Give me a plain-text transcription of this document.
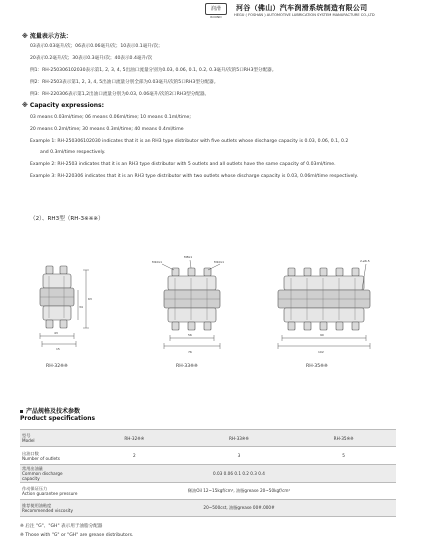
润滑
ROUND
河谷（佛山）汽车润滑系统制造有限公司
HEGU ( FOSHAN ) AUTOMOTIVE LUBRICATION SYSTEM MANUFACTURE CO.,LTD
※ 流量表示方法：
03表示0.03毫升/次；06表示0.06毫升/次；10表示0.1毫升/次；
20表示0.2毫升/次；30表示0.3毫升/次；40表示0.4毫升/次
例1：RH-25030610203​0表示第1, 2, 3, 4, 5出油口流量分别为0.03, 0.06, 0.1, 0.2, 0.3毫升/次的5口RH3型分配器。
例2：RH-2503表示第1, 2, 3, 4, 5出油口流量分别全部为0.03毫升/次的5口RH3型分配器。
例3：RH-220306表示第1,2出油口流量分别为0.03, 0.06毫升/次的2口RH3型分配器。
※ Capacity expressions:
03 means 0.03ml/time; 06 means 0.06ml/time; 10 means 0.1ml/time;
20 means 0.2ml/time; 30 means 0.3ml/time; 40 means 0.4ml/time
Example 1: RH-250306102030 indicates that it is an RH3 type distributor with five outlets whose discharge capacity is 0.03, 0.06, 0.1, 0.2
and 0.3ml/time respectively.
Example 2: RH-2503 indicates that it is an RH3 type distributor with 5 outlets and all outlets have the same capacity of 0.03ml/time.
Example 3: RH-220306 indicates that it is an RH3 type distributor with two outlets whose discharge capacity is 0.03, 0.06ml/time respectively.
（2）、RH3型（RH-3※※※）
43
34
63
15
RH-32※※
M10x1
M8x1
M10x1
56
76
RH-33※※
2-ø6.5
90
102
RH-35※※
产品规格及技术参数
Product specifications
型号
Model	RH-32※※	RH-33※※	RH-35※※

出油口数
Number of outlets	2	3	5

常用出油量
Common discharge capacity	0.03 0.06 0.1 0.2 0.3 0.4		

作动保证压力
Action guarantee pressure	稀油Oil 12~15kgf/cm², 油脂grease 20~50kgf/cm²		

推荐使用油粘度
Recommended viscosity	20~500cst, 油脂grease 00#.000#		
※ 后注 "G"、"GH" 表示用于油脂分配器
※ Those with "G" or "GH" are grease distributors.
